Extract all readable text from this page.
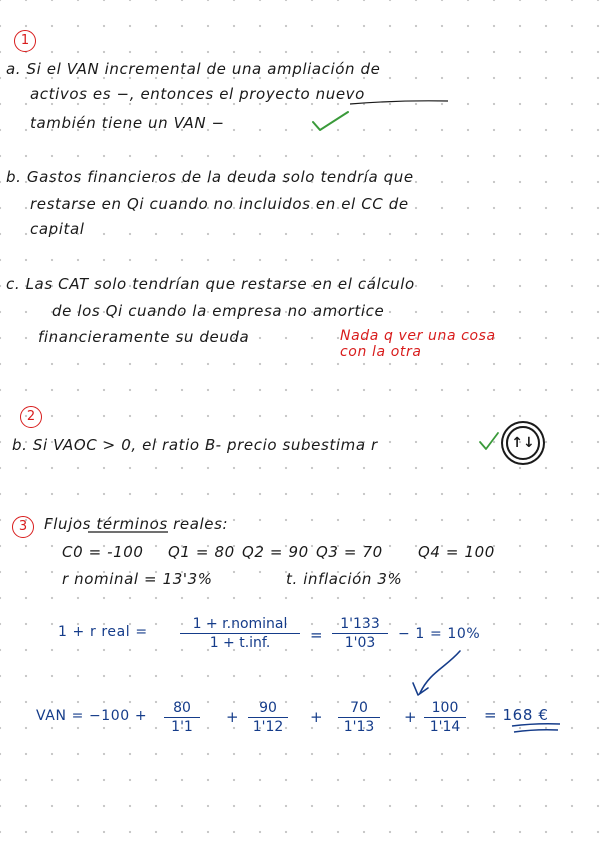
1
a. Si el VAN incremental de una ampliación de
activos es −, entonces el proyecto nuevo
también tiene un VAN −
b. Gastos financieros de la deuda solo tendría que
restarse en Qi cuando no incluidos en el CC de
capital
c. Las CAT solo tendrían que restarse en el cálculo
de los Qi cuando la empresa no amortice
financieramente su deuda	Nada q ver una cosa
con la otra
2
b. Si VAOC > 0, el ratio B- precio subestima r	↑↓
3	Flujos términos reales:
C0 = -100 Q1 = 80 Q2 = 90 Q3 = 70 Q4 = 100
r nominal = 13'3%	t. inflación 3%
1 + r real =	1 + r.nominal
1 + t.inf.	= $\frac{1'133}{1'03} - 1 = 10\%$
VAN = $-100 + \frac{80}{1'1} + \frac{90}{1'12} + \frac{70}{1'13} + \frac{100}{1'14} = 168$ €
